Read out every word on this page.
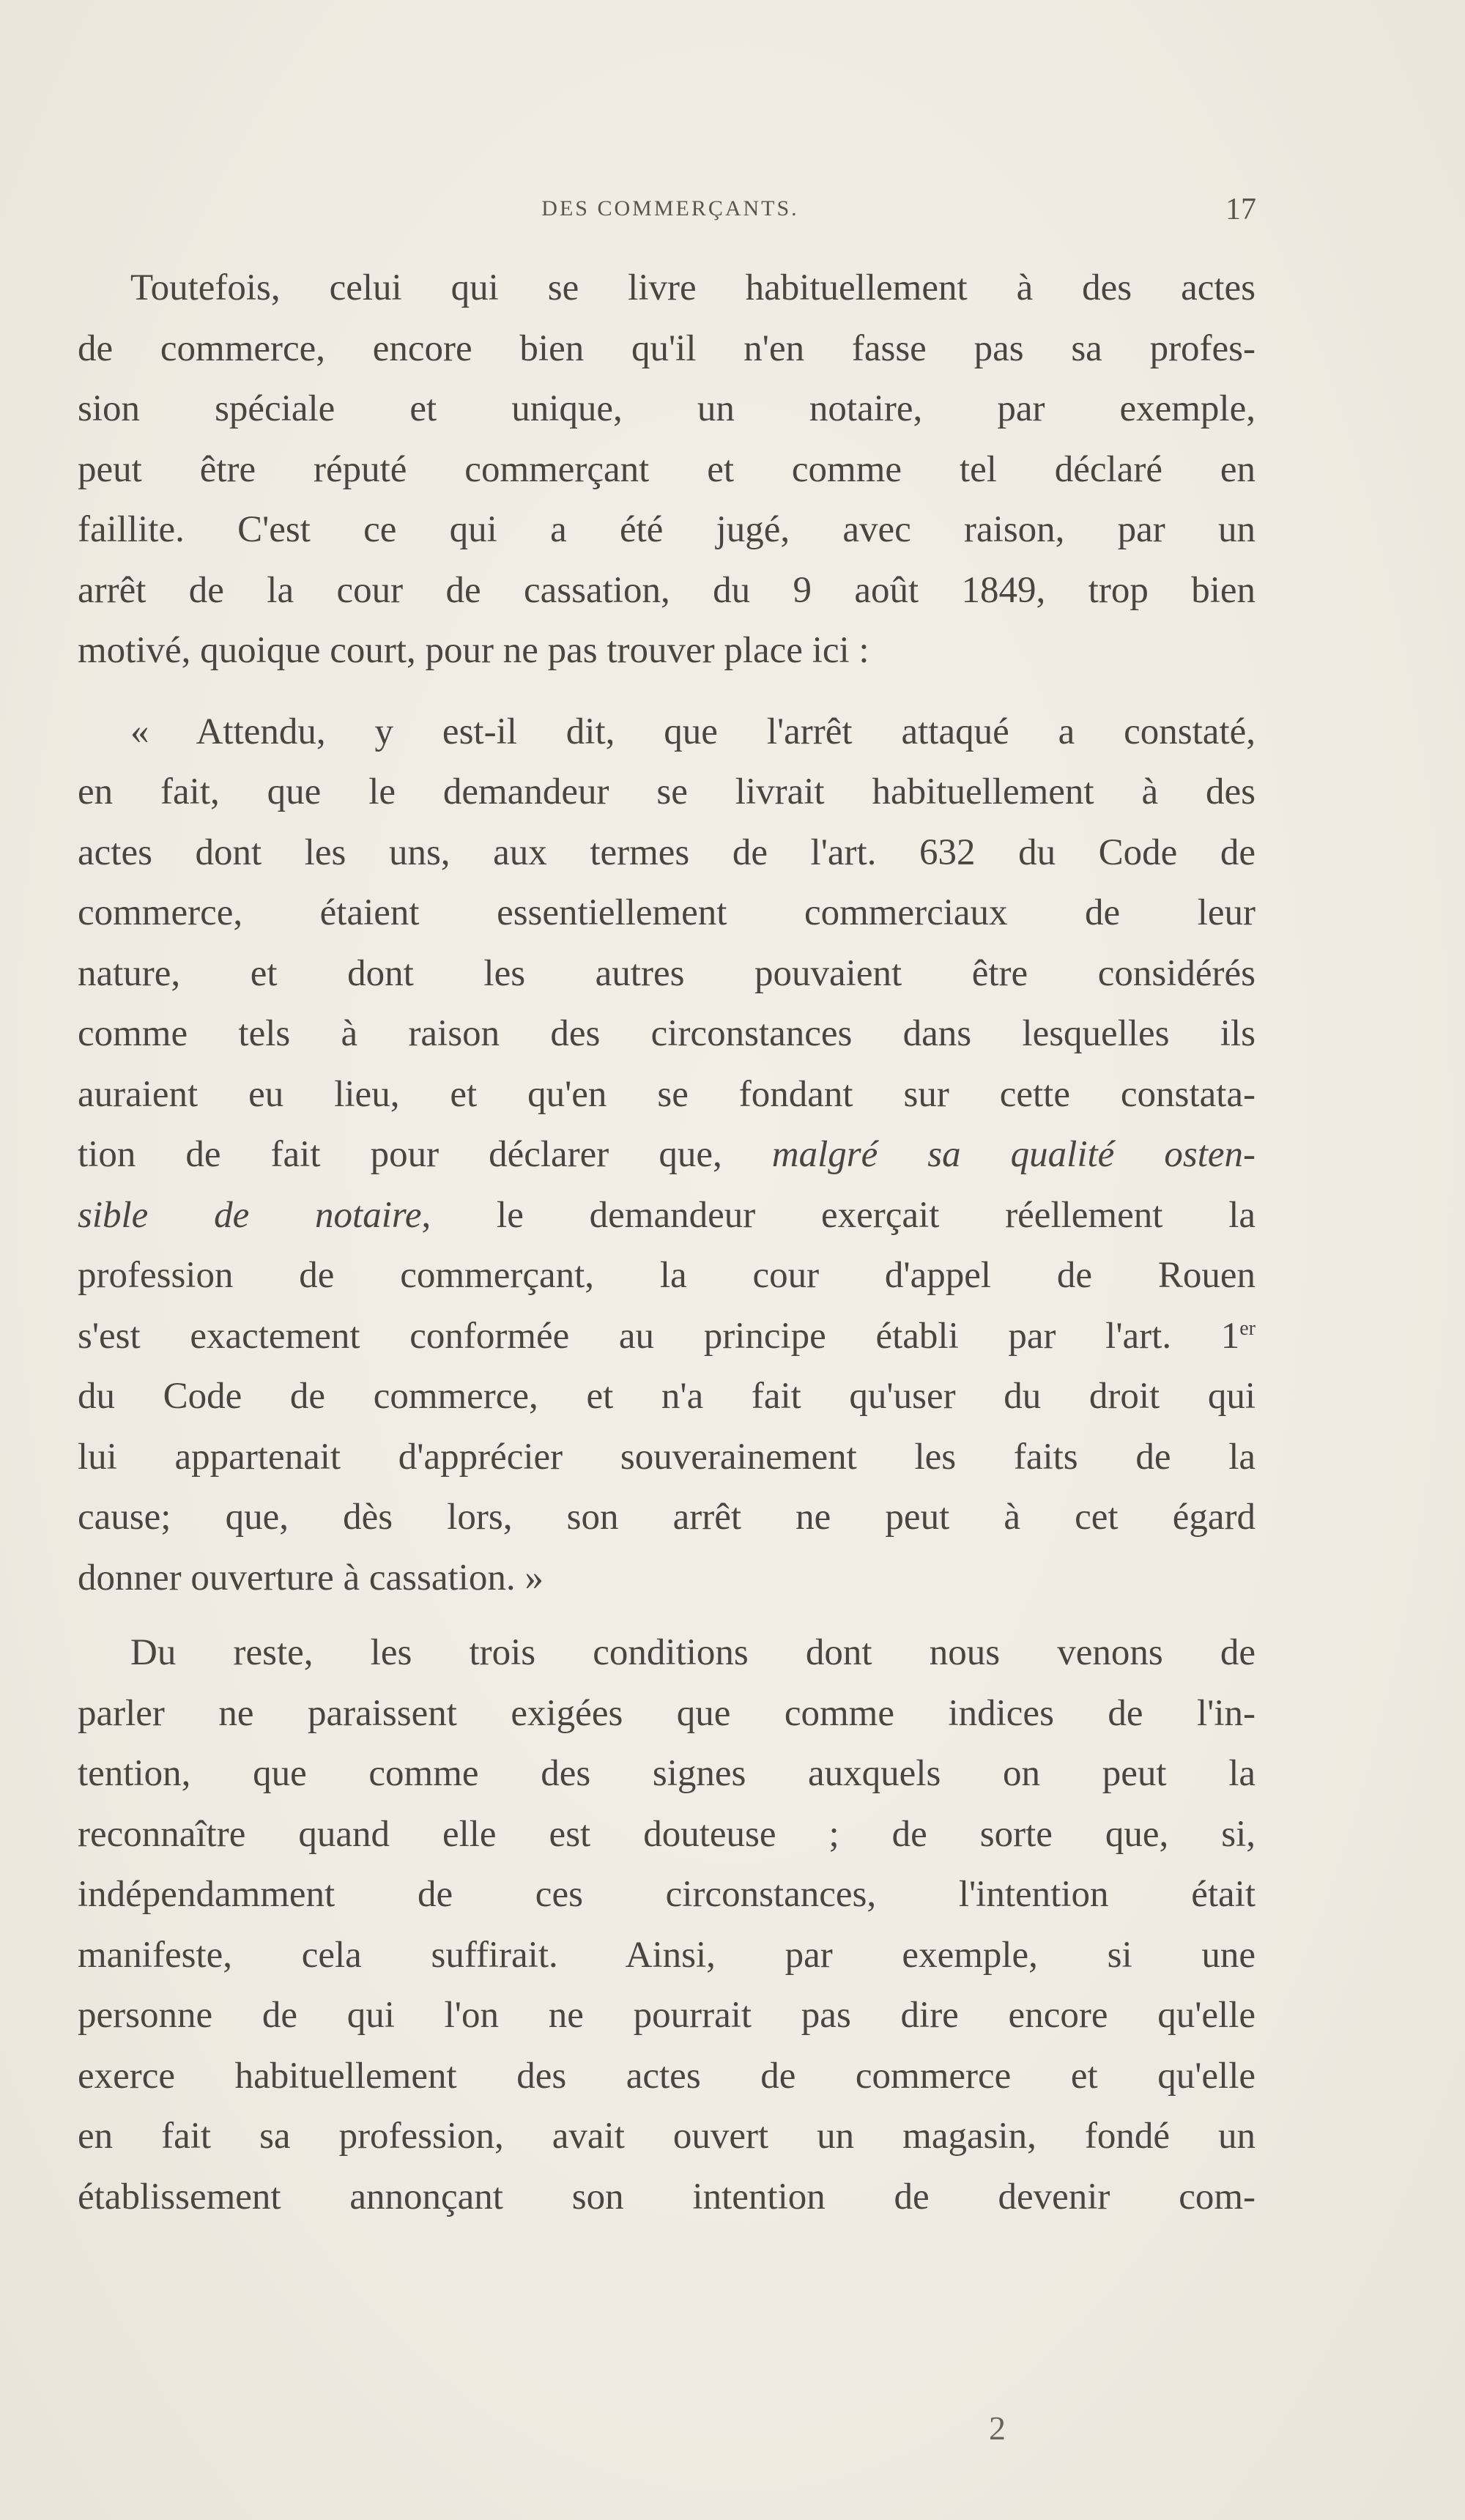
DES COMMERÇANTS.	17
Toutefois, celui qui se livre habituellement à des actes
de commerce, encore bien qu'il n'en fasse pas sa profes-
sion spéciale et unique, un notaire, par exemple,
peut être réputé commerçant et comme tel déclaré en
faillite. C'est ce qui a été jugé, avec raison, par un
arrêt de la cour de cassation, du 9 août 1849, trop bien
motivé, quoique court, pour ne pas trouver place ici :
« Attendu, y est-il dit, que l'arrêt attaqué a constaté,
en fait, que le demandeur se livrait habituellement à des
actes dont les uns, aux termes de l'art. 632 du Code de
commerce, étaient essentiellement commerciaux de leur
nature, et dont les autres pouvaient être considérés
comme tels à raison des circonstances dans lesquelles ils
auraient eu lieu, et qu'en se fondant sur cette constata-
tion de fait pour déclarer que, malgré sa qualité osten-
sible de notaire, le demandeur exerçait réellement la
profession de commerçant, la cour d'appel de Rouen
s'est exactement conformée au principe établi par l'art. 1er
du Code de commerce, et n'a fait qu'user du droit qui
lui appartenait d'apprécier souverainement les faits de la
cause; que, dès lors, son arrêt ne peut à cet égard
donner ouverture à cassation. »
Du reste, les trois conditions dont nous venons de
parler ne paraissent exigées que comme indices de l'in-
tention, que comme des signes auxquels on peut la
reconnaître quand elle est douteuse ; de sorte que, si,
indépendamment de ces circonstances, l'intention était
manifeste, cela suffirait. Ainsi, par exemple, si une
personne de qui l'on ne pourrait pas dire encore qu'elle
exerce habituellement des actes de commerce et qu'elle
en fait sa profession, avait ouvert un magasin, fondé un
établissement annonçant son intention de devenir com-
2
